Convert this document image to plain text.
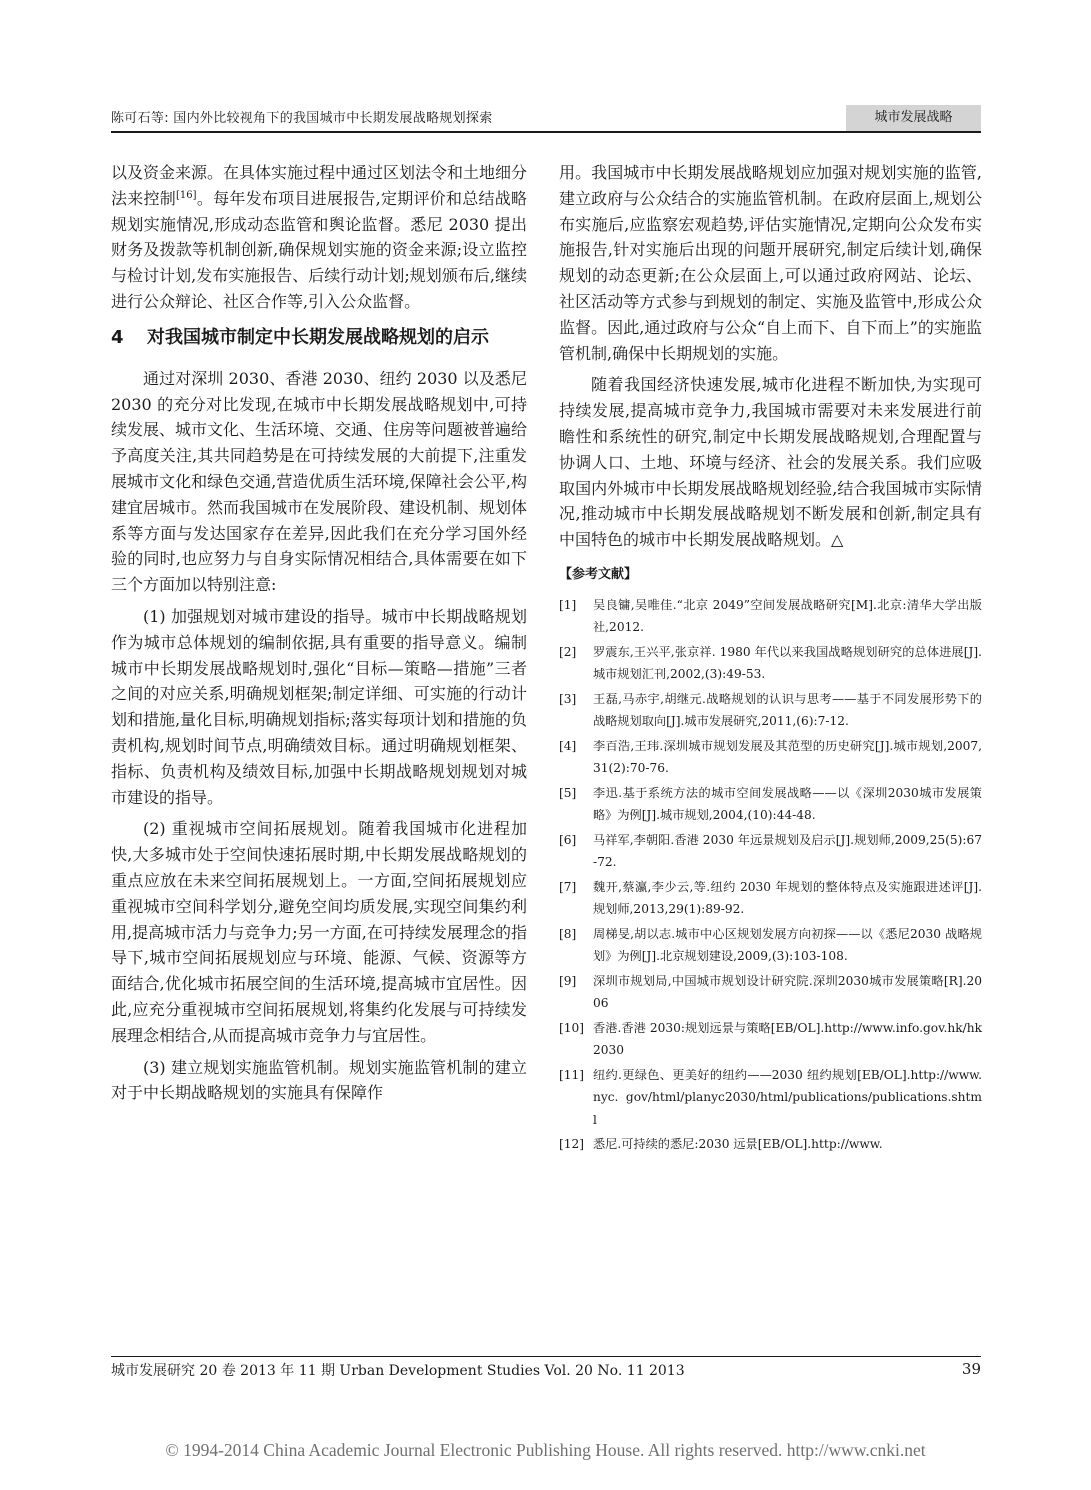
陈可石等: 国内外比较视角下的我国城市中长期发展战略规划探索	城市发展战略

以及资金来源。在具体实施过程中通过区划法令和土地细分法来控制[16]。每年发布项目进展报告,定期评价和总结战略规划实施情况,形成动态监管和舆论监督。悉尼 2030 提出财务及拨款等机制创新,确保规划实施的资金来源;设立监控与检讨计划,发布实施报告、后续行动计划;规划颁布后,继续进行公众辩论、社区合作等,引入公众监督。

4	对我国城市制定中长期发展战略规划的启示

通过对深圳 2030、香港 2030、纽约 2030 以及悉尼 2030 的充分对比发现,在城市中长期发展战略规划中,可持续发展、城市文化、生活环境、交通、住房等问题被普遍给予高度关注,其共同趋势是在可持续发展的大前提下,注重发展城市文化和绿色交通,营造优质生活环境,保障社会公平,构建宜居城市。然而我国城市在发展阶段、建设机制、规划体系等方面与发达国家存在差异,因此我们在充分学习国外经验的同时,也应努力与自身实际情况相结合,具体需要在如下三个方面加以特别注意:

(1) 加强规划对城市建设的指导。城市中长期战略规划作为城市总体规划的编制依据,具有重要的指导意义。编制城市中长期发展战略规划时,强化“目标—策略—措施”三者之间的对应关系,明确规划框架;制定详细、可实施的行动计划和措施,量化目标,明确规划指标;落实每项计划和措施的负责机构,规划时间节点,明确绩效目标。通过明确规划框架、指标、负责机构及绩效目标,加强中长期战略规划规划对城市建设的指导。

(2) 重视城市空间拓展规划。随着我国城市化进程加快,大多城市处于空间快速拓展时期,中长期发展战略规划的重点应放在未来空间拓展规划上。一方面,空间拓展规划应重视城市空间科学划分,避免空间均质发展,实现空间集约利用,提高城市活力与竞争力;另一方面,在可持续发展理念的指导下,城市空间拓展规划应与环境、能源、气候、资源等方面结合,优化城市拓展空间的生活环境,提高城市宜居性。因此,应充分重视城市空间拓展规划,将集约化发展与可持续发展理念相结合,从而提高城市竞争力与宜居性。

(3) 建立规划实施监管机制。规划实施监管机制的建立对于中长期战略规划的实施具有保障作

用。我国城市中长期发展战略规划应加强对规划实施的监管,建立政府与公众结合的实施监管机制。在政府层面上,规划公布实施后,应监察宏观趋势,评估实施情况,定期向公众发布实施报告,针对实施后出现的问题开展研究,制定后续计划,确保规划的动态更新;在公众层面上,可以通过政府网站、论坛、社区活动等方式参与到规划的制定、实施及监管中,形成公众监督。因此,通过政府与公众“自上而下、自下而上”的实施监管机制,确保中长期规划的实施。

随着我国经济快速发展,城市化进程不断加快,为实现可持续发展,提高城市竞争力,我国城市需要对未来发展进行前瞻性和系统性的研究,制定中长期发展战略规划,合理配置与协调人口、土地、环境与经济、社会的发展关系。我们应吸取国内外城市中长期发展战略规划经验,结合我国城市实际情况,推动城市中长期发展战略规划不断发展和创新,制定具有中国特色的城市中长期发展战略规划。△

【参考文献】
[1]	吴良镛,吴唯佳.“北京 2049”空间发展战略研究[M].北京:清华大学出版社,2012.
[2]	罗震东,王兴平,张京祥. 1980 年代以来我国战略规划研究的总体进展[J].城市规划汇刊,2002,(3):49-53.
[3]	王磊,马赤宇,胡继元.战略规划的认识与思考——基于不同发展形势下的战略规划取向[J].城市发展研究,2011,(6):7-12.
[4]	李百浩,王玮.深圳城市规划发展及其范型的历史研究[J].城市规划,2007,31(2):70-76.
[5]	李迅.基于系统方法的城市空间发展战略——以《深圳2030城市发展策略》为例[J].城市规划,2004,(10):44-48.
[6]	马祥军,李朝阳.香港 2030 年远景规划及启示[J].规划师,2009,25(5):67-72.
[7]	魏开,蔡瀛,李少云,等.纽约 2030 年规划的整体特点及实施跟进述评[J].规划师,2013,29(1):89-92.
[8]	周梯旻,胡以志.城市中心区规划发展方向初探——以《悉尼2030 战略规划》为例[J].北京规划建设,2009,(3):103-108.
[9]	深圳市规划局,中国城市规划设计研究院.深圳2030城市发展策略[R].2006
[10] 香港.香港 2030:规划远景与策略[EB/OL].http://www.info.gov.hk/hk2030
[11] 纽约.更绿色、更美好的纽约——2030 纽约规划[EB/OL].http://www. nyc. gov/html/planyc2030/html/publications/publications.shtml
[12] 悉尼.可持续的悉尼:2030 远景[EB/OL].http://www.
城市发展研究 20 卷 2013 年 11 期 Urban Development Studies Vol. 20 No. 11 2013	39
© 1994-2014 China Academic Journal Electronic Publishing House. All rights reserved. http://www.cnki.net
